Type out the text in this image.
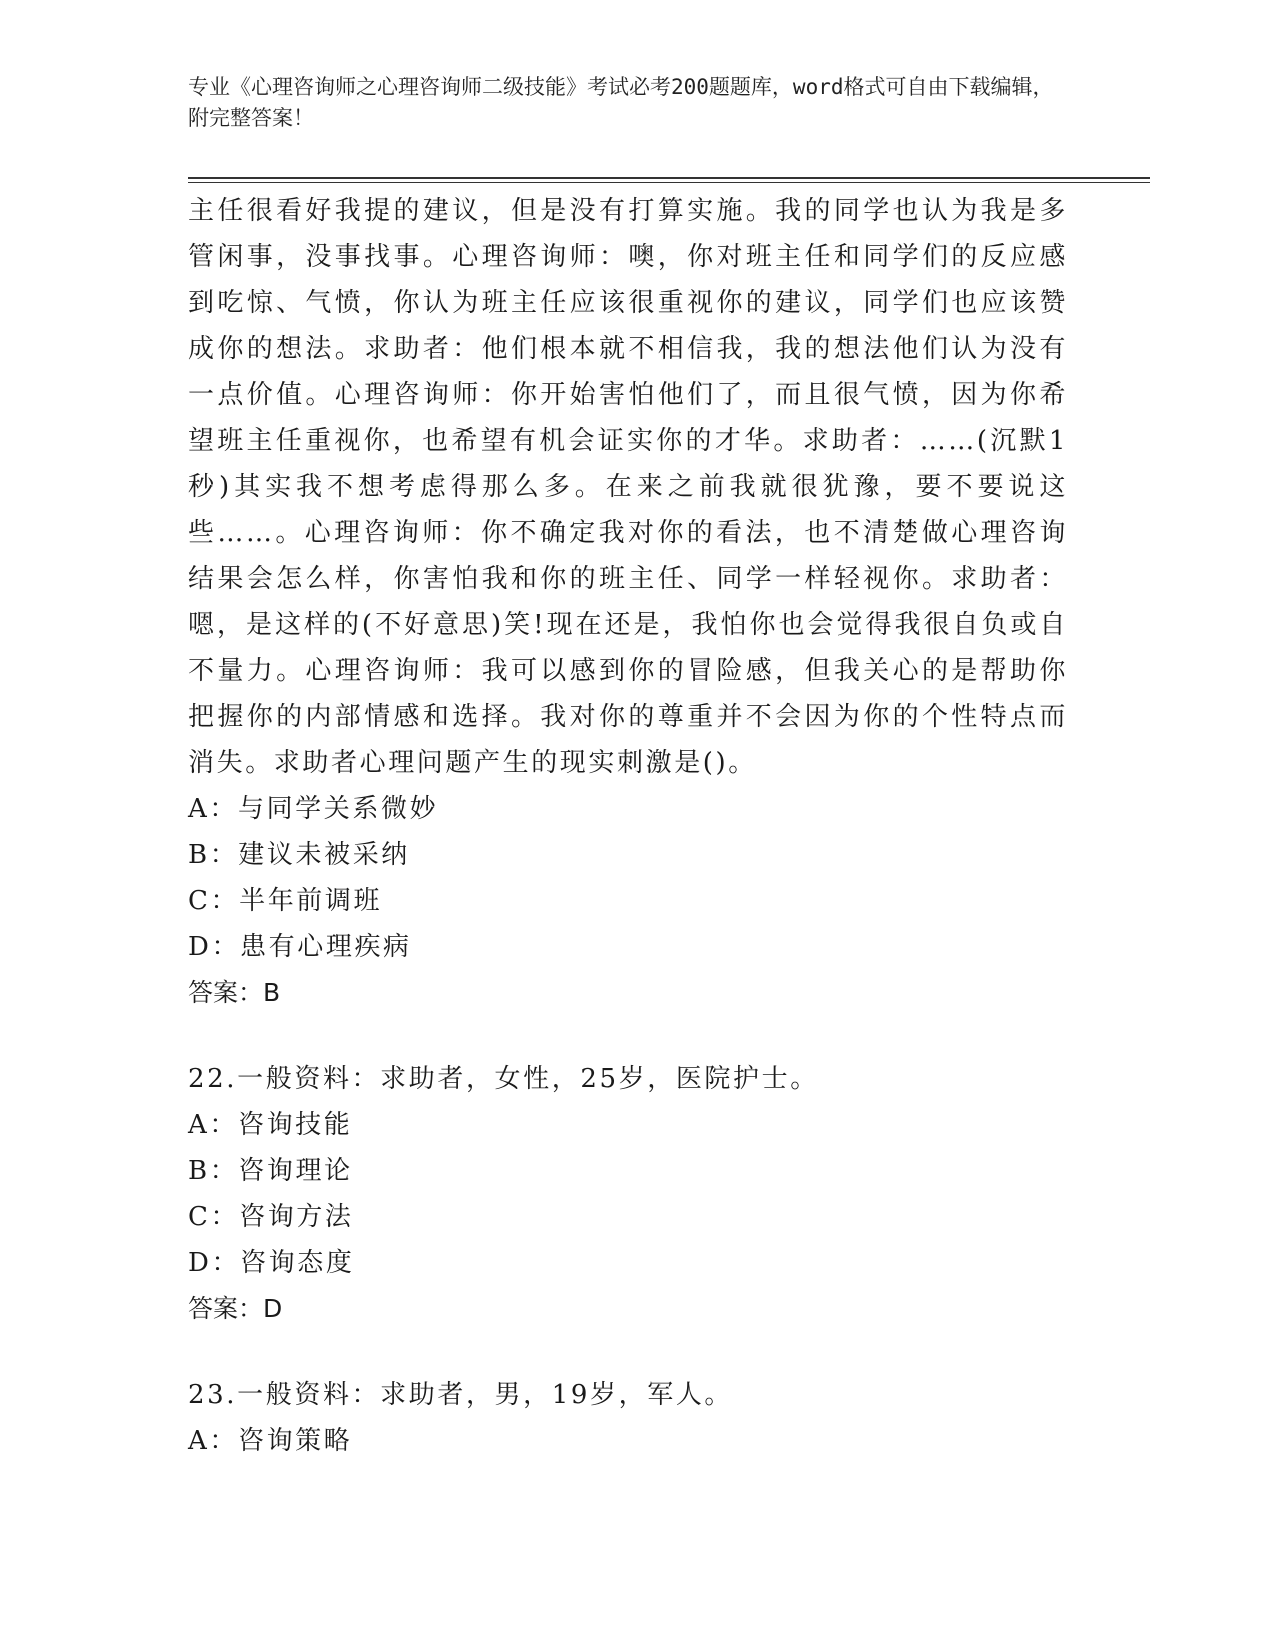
专业《心理咨询师之心理咨询师二级技能》考试必考200题题库，word格式可自由下载编辑，附完整答案！

主任很看好我提的建议，但是没有打算实施。我的同学也认为我是多管闲事，没事找事。心理咨询师：噢，你对班主任和同学们的反应感到吃惊、气愤，你认为班主任应该很重视你的建议，同学们也应该赞成你的想法。求助者：他们根本就不相信我，我的想法他们认为没有一点价值。心理咨询师：你开始害怕他们了，而且很气愤，因为你希望班主任重视你，也希望有机会证实你的才华。求助者：……(沉默1秒)其实我不想考虑得那么多。在来之前我就很犹豫，要不要说这些……。心理咨询师：你不确定我对你的看法，也不清楚做心理咨询结果会怎么样，你害怕我和你的班主任、同学一样轻视你。求助者：嗯，是这样的(不好意思)笑!现在还是，我怕你也会觉得我很自负或自不量力。心理咨询师：我可以感到你的冒险感，但我关心的是帮助你把握你的内部情感和选择。我对你的尊重并不会因为你的个性特点而消失。求助者心理问题产生的现实刺激是()。

A：与同学关系微妙
B：建议未被采纳
C：半年前调班
D：患有心理疾病
答案：B
22.一般资料：求助者，女性，25岁，医院护士。
A：咨询技能
B：咨询理论
C：咨询方法
D：咨询态度
答案：D
23.一般资料：求助者，男，19岁，军人。
A：咨询策略
